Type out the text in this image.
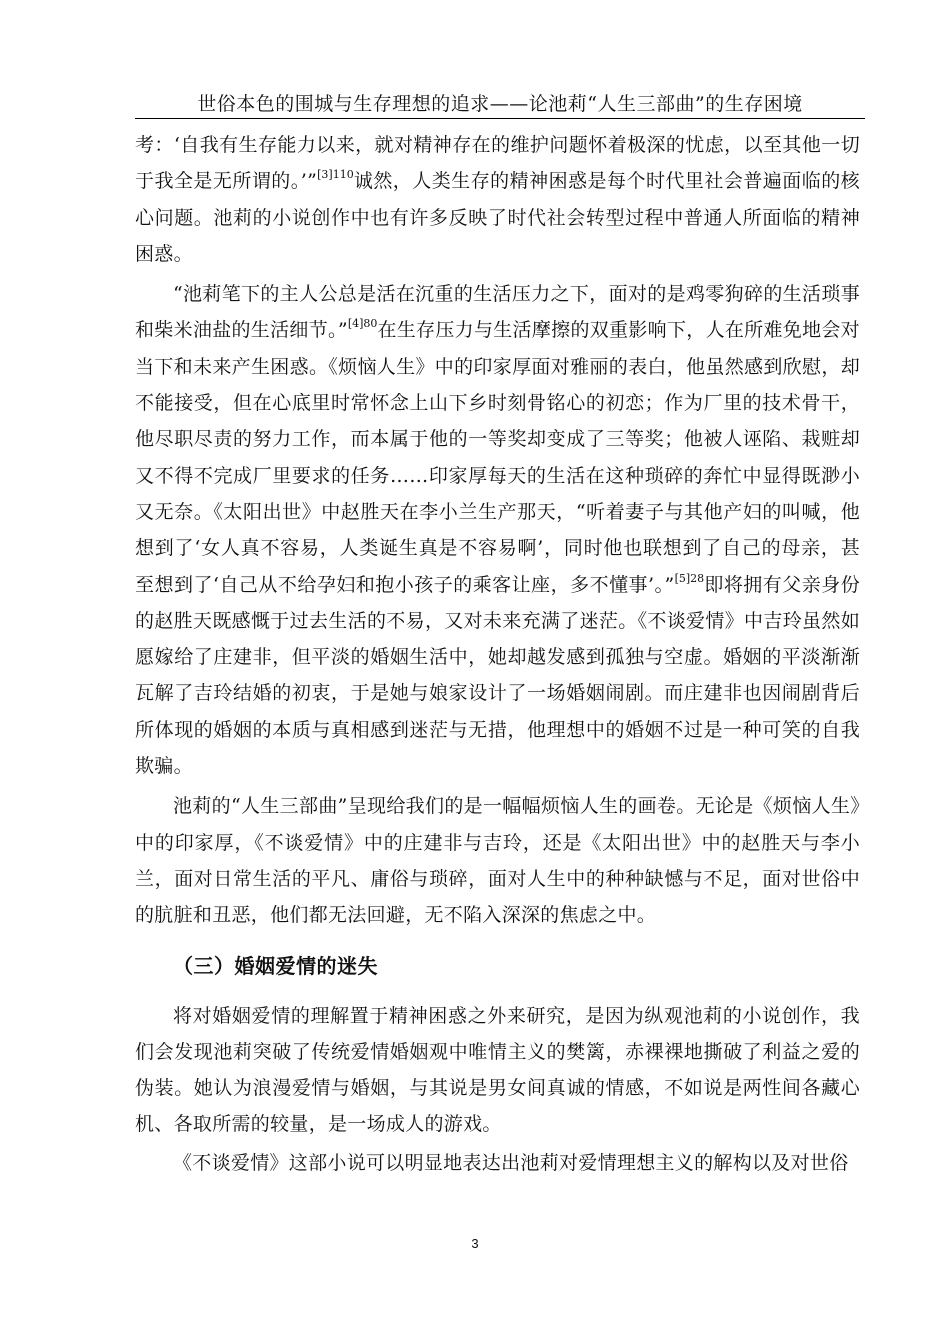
世俗本色的围城与生存理想的追求——论池莉“人生三部曲”的生存困境

考：‘自我有生存能力以来，就对精神存在的维护问题怀着极深的忧虑，以至其他一切于我全是无所谓的。’”$^{[3]110}$诚然，人类生存的精神困惑是每个时代里社会普遍面临的核心问题。池莉的小说创作中也有许多反映了时代社会转型过程中普通人所面临的精神困惑。

“池莉笔下的主人公总是活在沉重的生活压力之下，面对的是鸡零狗碎的生活琐事和柴米油盐的生活细节。”$^{[4]80}$在生存压力与生活摩擦的双重影响下，人在所难免地会对当下和未来产生困惑。《烦恼人生》中的印家厚面对雅丽的表白，他虽然感到欣慰，却不能接受，但在心底里时常怀念上山下乡时刻骨铭心的初恋；作为厂里的技术骨干，他尽职尽责的努力工作，而本属于他的一等奖却变成了三等奖；他被人诬陷、栽赃却又不得不完成厂里要求的任务……印家厚每天的生活在这种琐碎的奔忙中显得既渺小又无奈。《太阳出世》中赵胜天在李小兰生产那天，“听着妻子与其他产妇的叫喊，他想到了‘女人真不容易，人类诞生真是不容易啊’，同时他也联想到了自己的母亲，甚至想到了‘自己从不给孕妇和抱小孩子的乘客让座，多不懂事’。”$^{[5]28}$即将拥有父亲身份的赵胜天既感慨于过去生活的不易，又对未来充满了迷茫。《不谈爱情》中吉玲虽然如愿嫁给了庄建非，但平淡的婚姻生活中，她却越发感到孤独与空虚。婚姻的平淡渐渐瓦解了吉玲结婚的初衷，于是她与娘家设计了一场婚姻闹剧。而庄建非也因闹剧背后所体现的婚姻的本质与真相感到迷茫与无措，他理想中的婚姻不过是一种可笑的自我欺骗。

池莉的“人生三部曲”呈现给我们的是一幅幅烦恼人生的画卷。无论是《烦恼人生》中的印家厚，《不谈爱情》中的庄建非与吉玲，还是《太阳出世》中的赵胜天与李小兰，面对日常生活的平凡、庸俗与琐碎，面对人生中的种种缺憾与不足，面对世俗中的肮脏和丑恶，他们都无法回避，无不陷入深深的焦虑之中。

（三）婚姻爱情的迷失

将对婚姻爱情的理解置于精神困惑之外来研究，是因为纵观池莉的小说创作，我们会发现池莉突破了传统爱情婚姻观中唯情主义的樊篱，赤裸裸地撕破了利益之爱的伪装。她认为浪漫爱情与婚姻，与其说是男女间真诚的情感，不如说是两性间各藏心机、各取所需的较量，是一场成人的游戏。

《不谈爱情》这部小说可以明显地表达出池莉对爱情理想主义的解构以及对世俗

3
